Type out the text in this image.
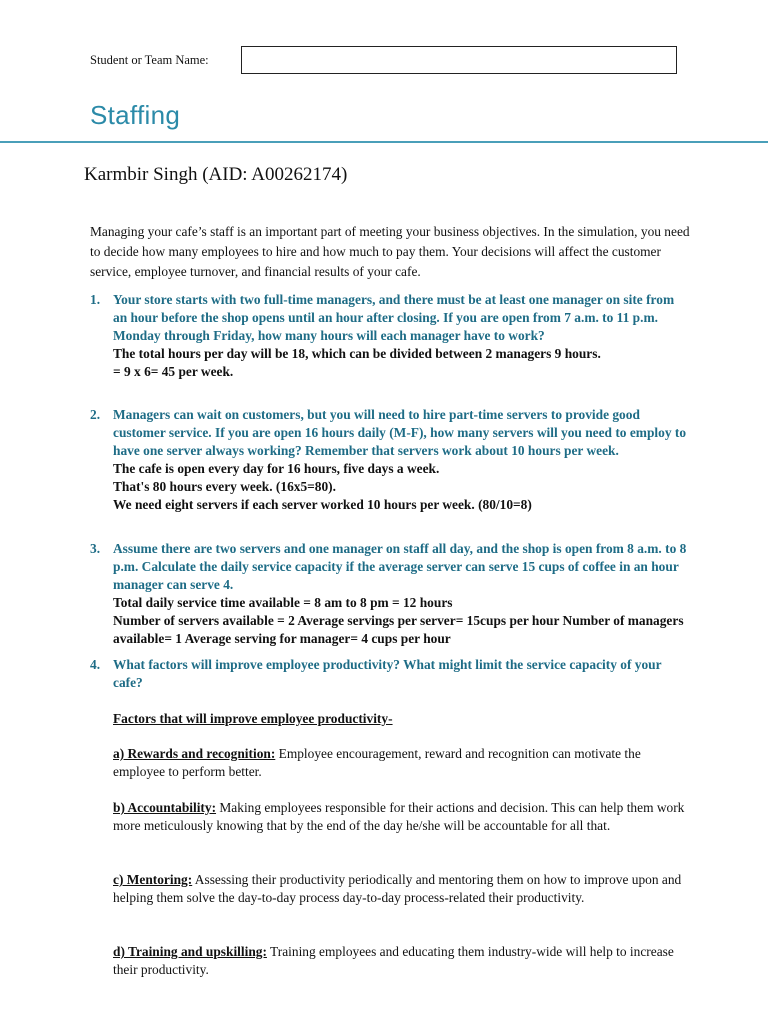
Student or Team Name:
Staffing
Karmbir Singh (AID: A00262174)
Managing your cafe’s staff is an important part of meeting your business objectives. In the simulation, you need to decide how many employees to hire and how much to pay them. Your decisions will affect the customer service, employee turnover, and financial results of your cafe.
1. Your store starts with two full-time managers, and there must be at least one manager on site from an hour before the shop opens until an hour after closing. If you are open from 7 a.m. to 11 p.m. Monday through Friday, how many hours will each manager have to work?
The total hours per day will be 18, which can be divided between 2 managers 9 hours.
= 9 x 6= 45 per week.
2. Managers can wait on customers, but you will need to hire part-time servers to provide good customer service. If you are open 16 hours daily (M-F), how many servers will you need to employ to have one server always working? Remember that servers work about 10 hours per week.
The cafe is open every day for 16 hours, five days a week.
That's 80 hours every week. (16x5=80).
We need eight servers if each server worked 10 hours per week. (80/10=8)
3. Assume there are two servers and one manager on staff all day, and the shop is open from 8 a.m. to 8 p.m. Calculate the daily service capacity if the average server can serve 15 cups of coffee in an hour manager can serve 4.
Total daily service time available = 8 am to 8 pm = 12 hours
Number of servers available = 2 Average servings per server= 15cups per hour Number of managers available= 1 Average serving for manager= 4 cups per hour
4. What factors will improve employee productivity? What might limit the service capacity of your cafe?
Factors that will improve employee productivity-
a) Rewards and recognition: Employee encouragement, reward and recognition can motivate the employee to perform better.
b) Accountability: Making employees responsible for their actions and decision. This can help them work more meticulously knowing that by the end of the day he/she will be accountable for all that.
c) Mentoring: Assessing their productivity periodically and mentoring them on how to improve upon and helping them solve the day-to-day process day-to-day process-related their productivity.
d) Training and upskilling: Training employees and educating them industry-wide will help to increase their productivity.
